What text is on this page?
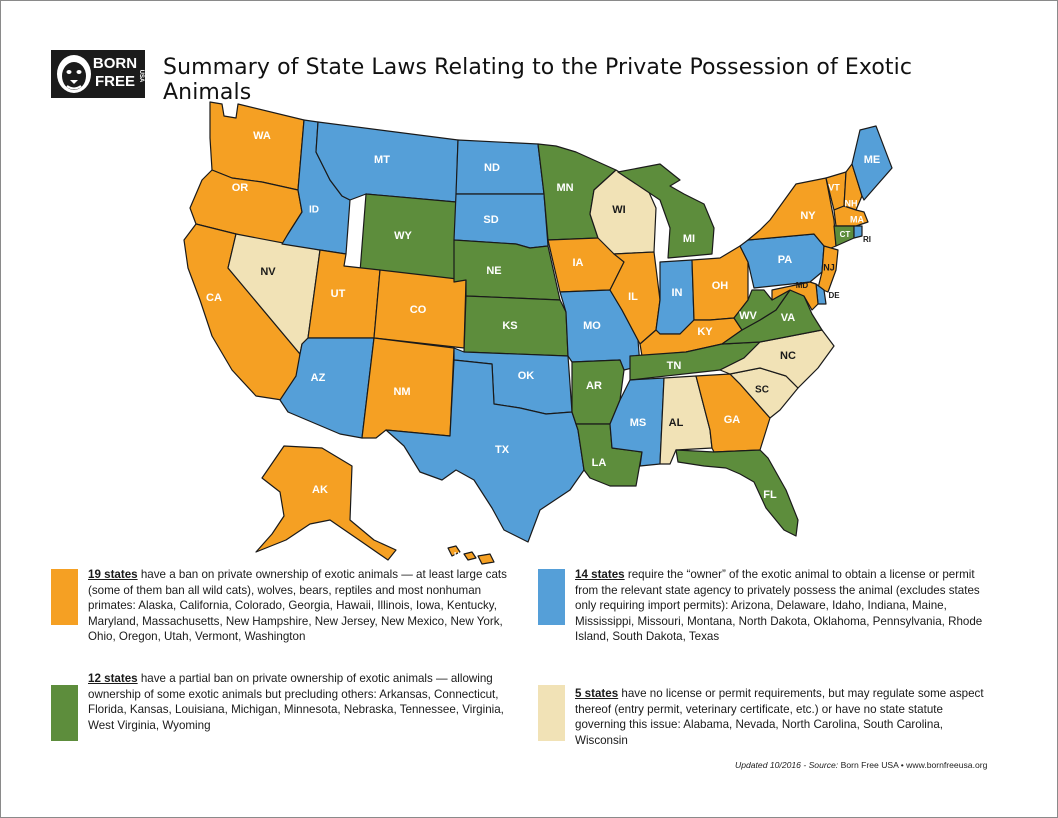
BORN
FREE USA Summary of State Laws Relating to the Private Possession of Exotic Animals
WA
OR
CA
NV
ID
MT
WY
UT
AZ
CO
NM
ND
SD
NE
KS
OK
TX
MN
IA
MO
AR
LA
WI
IL
MI
IN
OH
KY
TN
MS AL	GA
FL
SC
NC
VA
WV
PA
NY
VT
NH
ME
MA
CT
RI
NJ
DE
MD
AK
HI
19 states have a ban on private ownership of exotic animals — at least large cats (some of them ban all wild cats), wolves, bears, reptiles and most nonhuman primates: Alaska, California, Colorado, Georgia, Hawaii, Illinois, Iowa, Kentucky, Maryland, Massachusetts, New Hampshire, New Jersey, New Mexico, New York, Ohio, Oregon, Utah, Vermont, Washington
14 states require the “owner” of the exotic animal to obtain a license or permit from the relevant state agency to privately possess the animal (excludes states only requiring import permits): Arizona, Delaware, Idaho, Indiana, Maine, Mississippi, Missouri, Montana, North Dakota, Oklahoma, Pennsylvania, Rhode Island, South Dakota, Texas
12 states have a partial ban on private ownership of exotic animals — allowing ownership of some exotic animals but precluding others: Arkansas, Connecticut, Florida, Kansas, Louisiana, Michigan, Minnesota, Nebraska, Tennessee, Virginia, West Virginia, Wyoming
5 states have no license or permit requirements, but may regulate some aspect thereof (entry permit, veterinary certificate, etc.) or have no state statute governing this issue: Alabama, Nevada, North Carolina, South Carolina, Wisconsin
Updated 10/2016 - Source: Born Free USA • www.bornfreeusa.org
